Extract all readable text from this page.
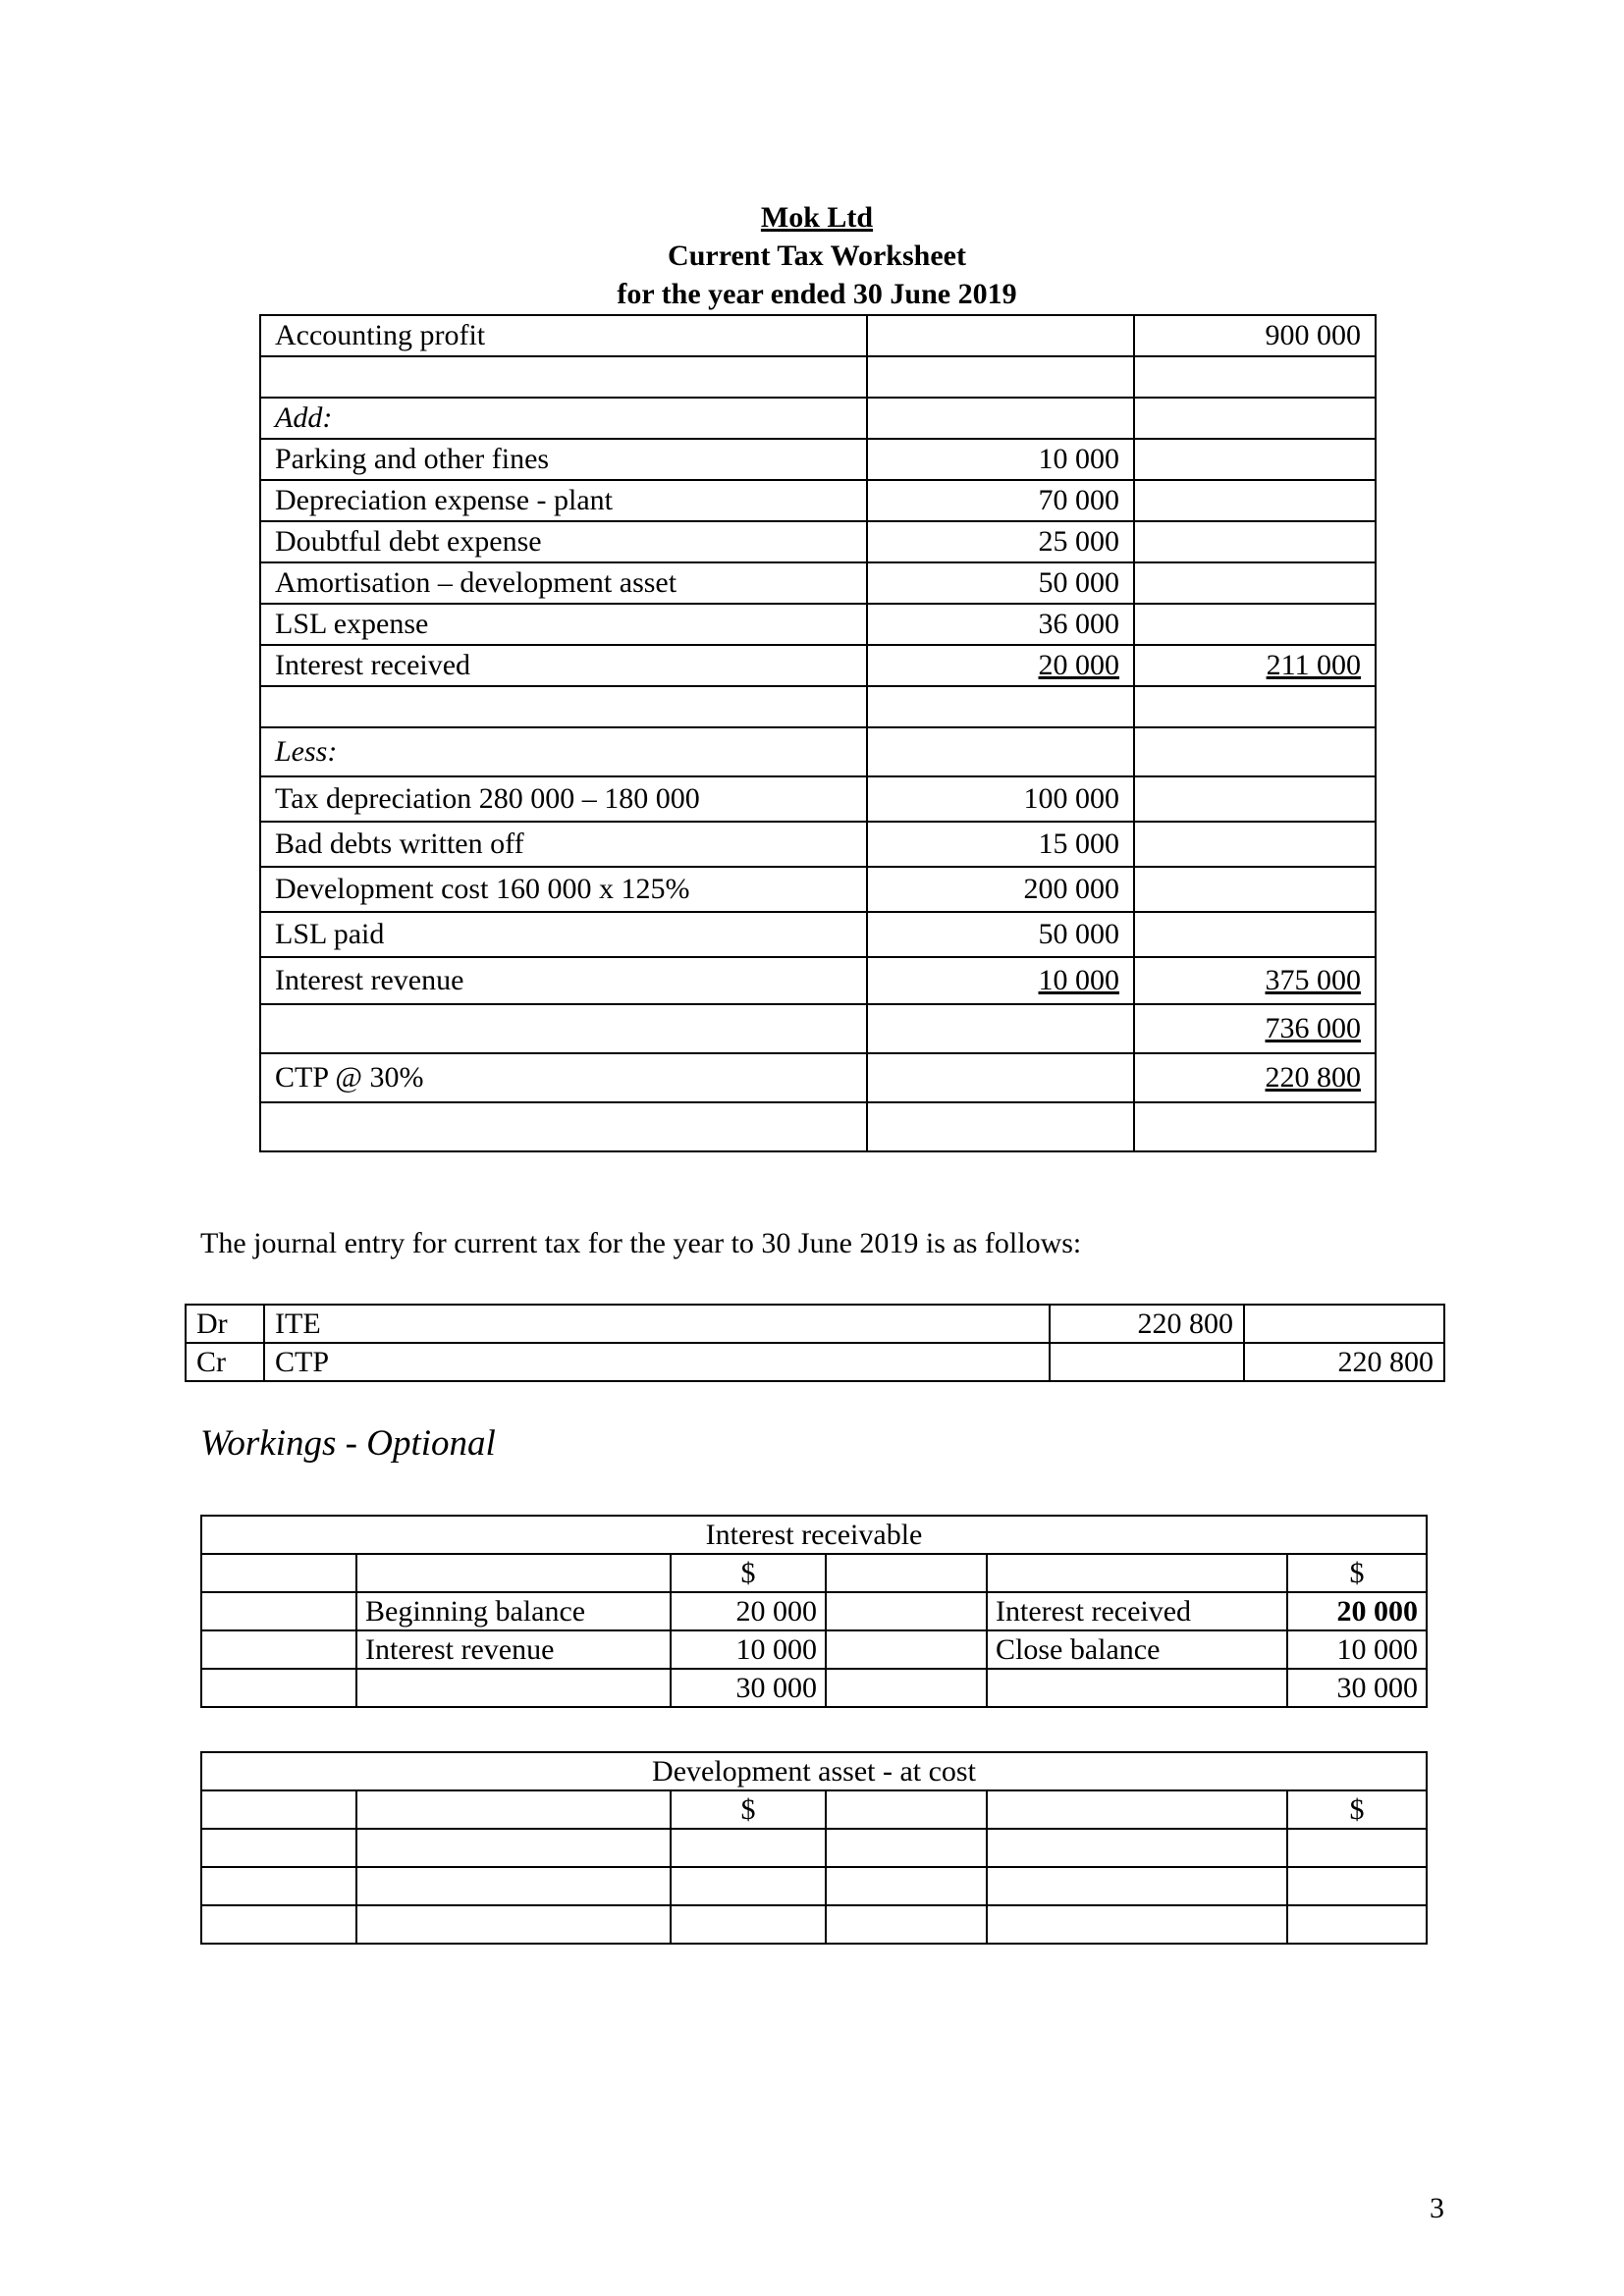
Mok Ltd
Current Tax Worksheet
for the year ended 30 June 2019
Accounting profit		900 000

Add:		
Parking and other fines	10 000	
Depreciation expense - plant	70 000	
Doubtful debt expense	25 000	
Amortisation – development asset	50 000	
LSL expense	36 000	
Interest received	20 000	211 000

Less:		
Tax depreciation 280 000 – 180 000	100 000	
Bad debts written off	15 000	
Development cost 160 000 x 125%	200 000	
LSL paid	50 000	
Interest revenue	10 000	375 000
		736 000
CTP @ 30%		220 800

The journal entry for current tax for the year to 30 June 2019 is as follows:
Dr	ITE	220 800	
Cr	CTP		220 800
Workings - Optional
Interest receivable					
		$			$
	Beginning balance	20 000		Interest received	20 000
	Interest revenue	10 000		Close balance	10 000
		30 000			30 000
Development asset - at cost					
		$			$

3
